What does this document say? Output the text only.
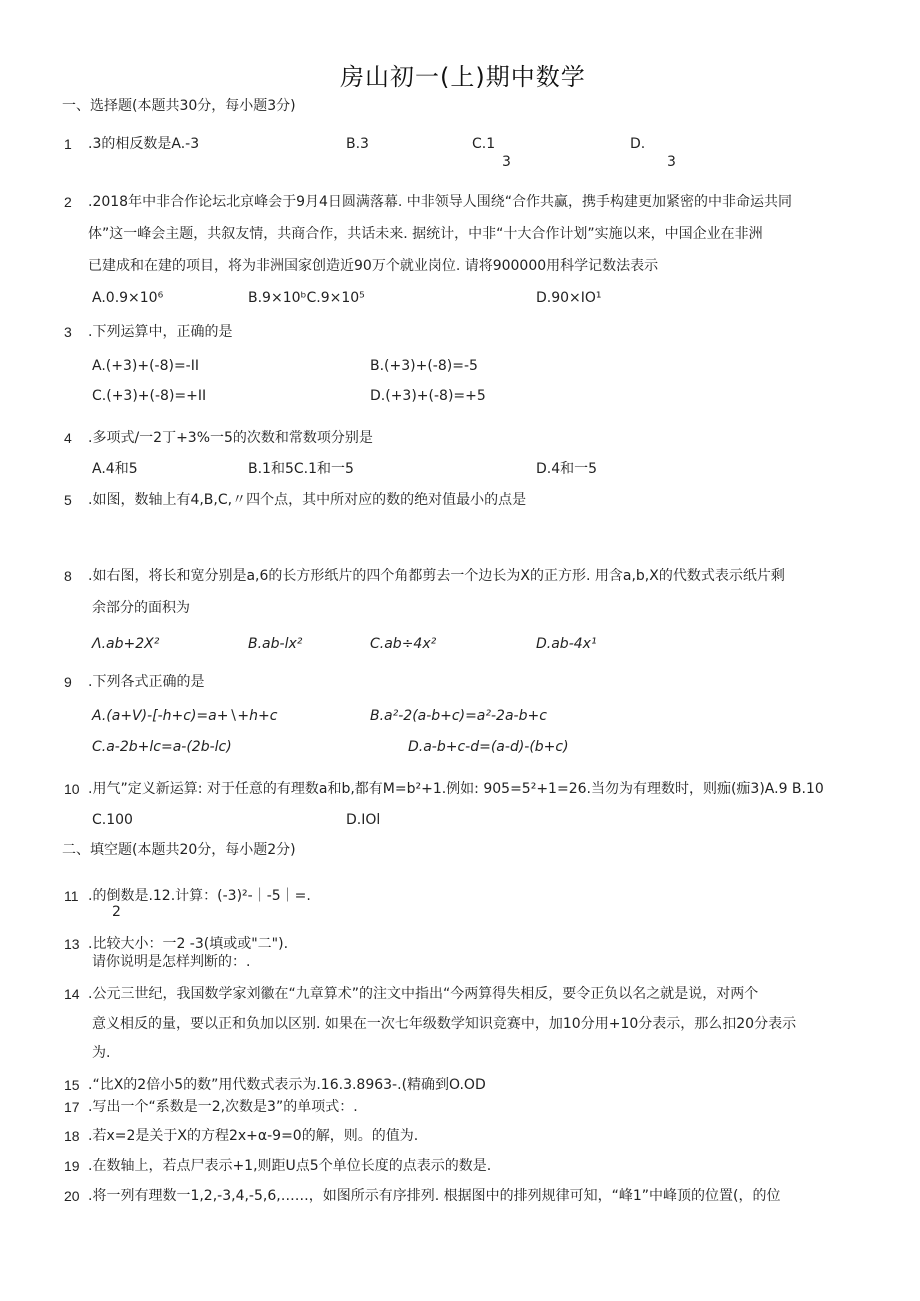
房山初一(上)期中数学
一、选择题(本题共30分，每小题3分)
1 .3的相反数是A.-3	B.3	C.1
3
D.
3
2 .2018年中非合作论坛北京峰会于9月4日圆满落幕. 中非领导人围绕“合作共赢，携手构建更加紧密的中非命运共同
体”这一峰会主题，共叙友情，共商合作，共话未来. 据统计，中非“十大合作计划”实施以来，中国企业在非洲
已建成和在建的项目，将为非洲国家创造近90万个就业岗位. 请将900000用科学记数法表示
A.0.9×10⁶	B.9×10ᵇC.9×10⁵	D.90×IO¹
3 .下列运算中，正确的是
A.(+3)+(-8)=-II	B.(+3)+(-8)=-5
C.(+3)+(-8)=+II	D.(+3)+(-8)=+5
4 .多项式/一2丁+3%一5的次数和常数项分别是
A.4和5	B.1和5C.1和一5	D.4和一5
5 .如图，数轴上有4,B,C,〃四个点，其中所对应的数的绝对值最小的点是
8 .如右图，将长和宽分别是a,6的长方形纸片的四个角都剪去一个边长为X的正方形. 用含a,b,X的代数式表示纸片剩
余部分的面积为
Λ.ab+2X²	B.ab-lx²	C.ab÷4x²	D.ab-4x¹
9 .下列各式正确的是
A.(a+V)-[-h+c)=a+∖+h+c	B.a²-2(a-b+c)=a²-2a-b+c
C.a-2b+lc=a-(2b-lc)	D.a-b+c-d=(a-d)-(b+c)
10 .用气”定义新运算: 对于任意的有理数a和b,都有M=b²+1.例如: 905=5²+1=26.当勿为有理数时，则痂(痂3)A.9 B.10
C.100	D.IOl
二、填空题(本题共20分，每小题2分)
11 .的倒数是.12.计算：(-3)²-｜-5｜=.
2
13 .比较大小：一2 -3(填或或"二").
请你说明是怎样判断的：.
14 .公元三世纪，我国数学家刘徽在“九章算术”的注文中指出“今两算得失相反，要令正负以名之就是说，对两个
意义相反的量，要以正和负加以区别. 如果在一次七年级数学知识竞赛中，加10分用+10分表示，那么扣20分表示
为.
15 .“比X的2倍小5的数”用代数式表示为.16.3.8963-.(精确到O.OD
17 .写出一个“系数是一2,次数是3”的单项式：.
18 .若x=2是关于X的方程2x+α-9=0的解，则。的值为.
19 .在数轴上，若点尸表示+1,则距U点5个单位长度的点表示的数是.
20 .将一列有理数一1,2,-3,4,-5,6,……，如图所示有序排列. 根据图中的排列规律可知，“峰1”中峰顶的位置(，的位
